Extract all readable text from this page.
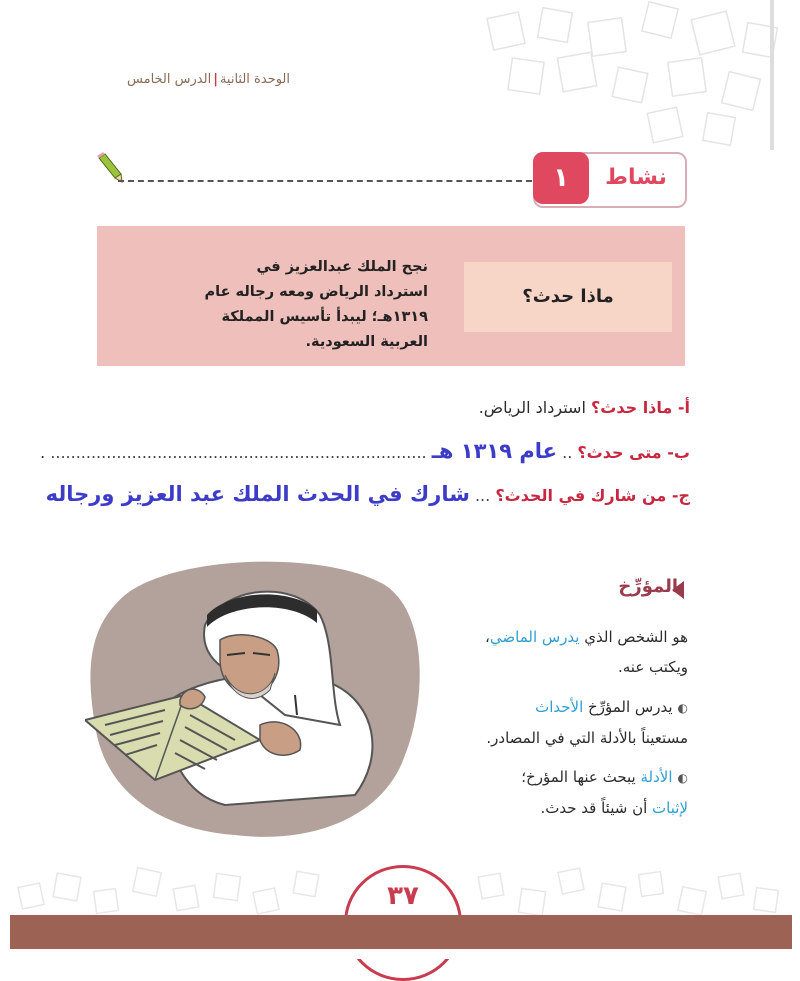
الوحدة الثانية|الدرس الخامس
١	نشاط
ماذا حدث؟
نجح الملك عبدالعزيز في استرداد الرياض ومعه رجاله عام ١٣١٩هـ؛ ليبدأ تأسيس المملكة العربية السعودية.
أ- ماذا حدث؟ استرداد الرياض.
ب- متى حدث؟ .. عام ١٣١٩ هـ .......................................................................... .
ج- من شارك في الحدث؟ ... شارك في الحدث الملك عبد العزيز ورجاله
المؤرِّخ
هو الشخص الذي يدرس الماضي،
ويكتب عنه.
◐يدرس المؤرِّخ الأحداث
مستعيناً بالأدلة التي في المصادر.
◐الأدلة يبحث عنها المؤرخ؛
لإثبات أن شيئاً قد حدث.
٣٧
